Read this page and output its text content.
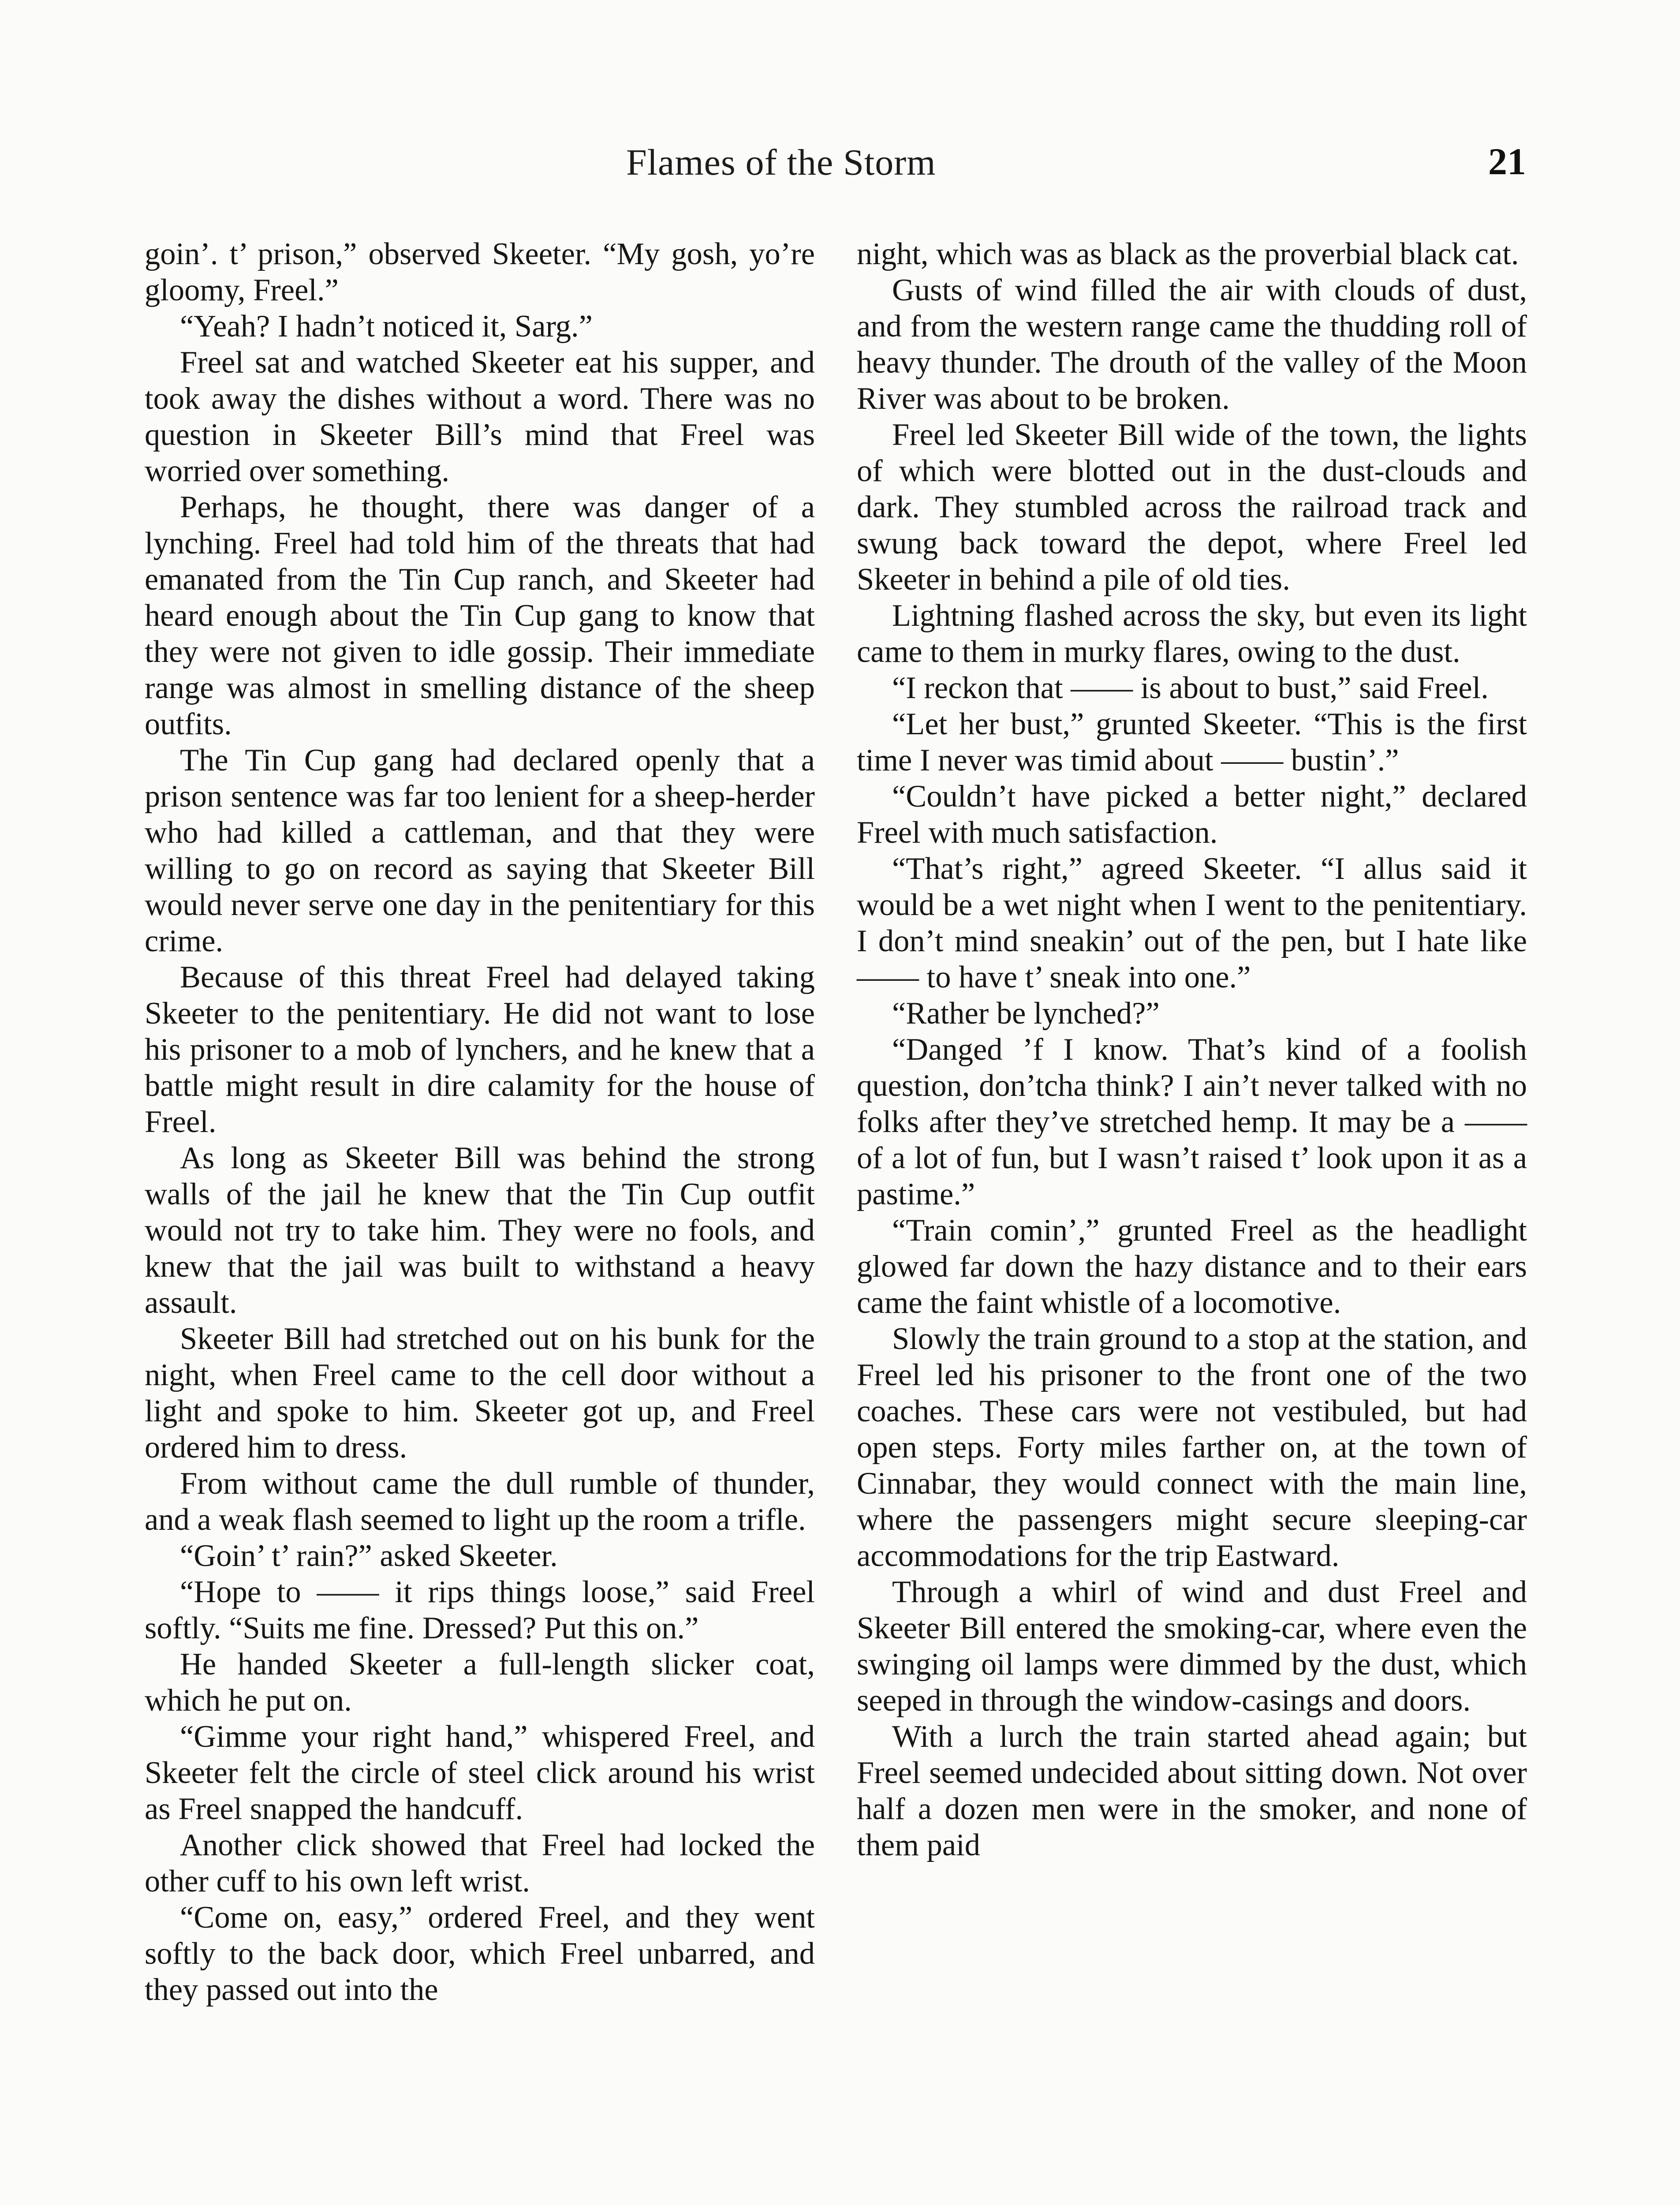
Flames of the Storm	21

goin’. t’ prison,” observed Skeeter. “My gosh, yo’re gloomy, Freel.”

“Yeah? I hadn’t noticed it, Sarg.”

Freel sat and watched Skeeter eat his supper, and took away the dishes without a word. There was no question in Skeeter Bill’s mind that Freel was worried over something.

Perhaps, he thought, there was danger of a lynching. Freel had told him of the threats that had emanated from the Tin Cup ranch, and Skeeter had heard enough about the Tin Cup gang to know that they were not given to idle gossip. Their immediate range was almost in smelling distance of the sheep outfits.

The Tin Cup gang had declared openly that a prison sentence was far too lenient for a sheep-herder who had killed a cattleman, and that they were willing to go on record as saying that Skeeter Bill would never serve one day in the penitentiary for this crime.

Because of this threat Freel had delayed taking Skeeter to the penitentiary. He did not want to lose his prisoner to a mob of lynchers, and he knew that a battle might result in dire calamity for the house of Freel.

As long as Skeeter Bill was behind the strong walls of the jail he knew that the Tin Cup outfit would not try to take him. They were no fools, and knew that the jail was built to withstand a heavy assault.

Skeeter Bill had stretched out on his bunk for the night, when Freel came to the cell door without a light and spoke to him. Skeeter got up, and Freel ordered him to dress.

From without came the dull rumble of thunder, and a weak flash seemed to light up the room a trifle.

“Goin’ t’ rain?” asked Skeeter.

“Hope to —— it rips things loose,” said Freel softly. “Suits me fine. Dressed? Put this on.”

He handed Skeeter a full-length slicker coat, which he put on.

“Gimme your right hand,” whispered Freel, and Skeeter felt the circle of steel click around his wrist as Freel snapped the handcuff.

Another click showed that Freel had locked the other cuff to his own left wrist.

“Come on, easy,” ordered Freel, and they went softly to the back door, which Freel unbarred, and they passed out into the

night, which was as black as the proverbial black cat.

Gusts of wind filled the air with clouds of dust, and from the western range came the thudding roll of heavy thunder. The drouth of the valley of the Moon River was about to be broken.

Freel led Skeeter Bill wide of the town, the lights of which were blotted out in the dust-clouds and dark. They stumbled across the railroad track and swung back toward the depot, where Freel led Skeeter in behind a pile of old ties.

Lightning flashed across the sky, but even its light came to them in murky flares, owing to the dust.

“I reckon that —— is about to bust,” said Freel.

“Let her bust,” grunted Skeeter. “This is the first time I never was timid about —— bustin’.”

“Couldn’t have picked a better night,” declared Freel with much satisfaction.

“That’s right,” agreed Skeeter. “I allus said it would be a wet night when I went to the penitentiary. I don’t mind sneakin’ out of the pen, but I hate like —— to have t’ sneak into one.”

“Rather be lynched?”

“Danged ’f I know. That’s kind of a foolish question, don’tcha think? I ain’t never talked with no folks after they’ve stretched hemp. It may be a —— of a lot of fun, but I wasn’t raised t’ look upon it as a pastime.”

“Train comin’,” grunted Freel as the headlight glowed far down the hazy distance and to their ears came the faint whistle of a locomotive.

Slowly the train ground to a stop at the station, and Freel led his prisoner to the front one of the two coaches. These cars were not vestibuled, but had open steps. Forty miles farther on, at the town of Cinnabar, they would connect with the main line, where the passengers might secure sleeping-car accommodations for the trip Eastward.

Through a whirl of wind and dust Freel and Skeeter Bill entered the smoking-car, where even the swinging oil lamps were dimmed by the dust, which seeped in through the window-casings and doors.

With a lurch the train started ahead again; but Freel seemed undecided about sitting down. Not over half a dozen men were in the smoker, and none of them paid
